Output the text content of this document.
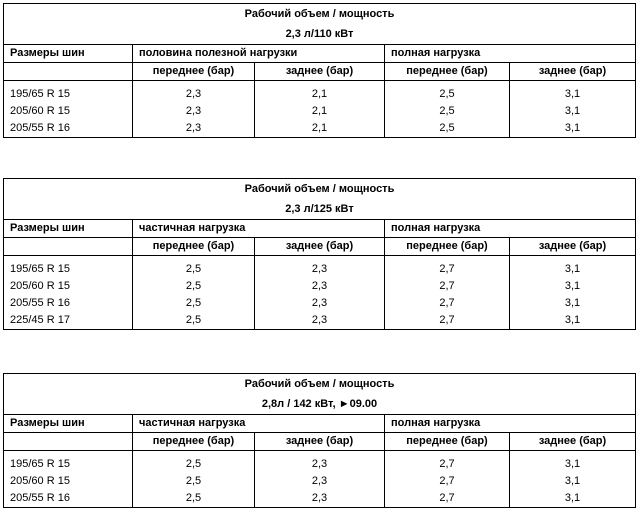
Рабочий объем / мощность				
2,3 л/110 кВт				
Размеры шин	половина полезной нагрузки		полная нагрузка	
	переднее (бар)	заднее (бар)	переднее (бар)	заднее (бар)

195/65 R 15	2,3	2,1	2,5	3,1
205/60 R 15	2,3	2,1	2,5	3,1
205/55 R 16	2,3	2,1	2,5	3,1
Рабочий объем / мощность				
2,3 л/125 кВт				
Размеры шин	частичная нагрузка		полная нагрузка	
	переднее (бар)	заднее (бар)	переднее (бар)	заднее (бар)

195/65 R 15	2,5	2,3	2,7	3,1
205/60 R 15	2,5	2,3	2,7	3,1
205/55 R 16	2,5	2,3	2,7	3,1
225/45 R 17	2,5	2,3	2,7	3,1
Рабочий объем / мощность				
2,8л / 142 кВт, ►09.00				
Размеры шин	частичная нагрузка		полная нагрузка	
	переднее (бар)	заднее (бар)	переднее (бар)	заднее (бар)

195/65 R 15	2,5	2,3	2,7	3,1
205/60 R 15	2,5	2,3	2,7	3,1
205/55 R 16	2,5	2,3	2,7	3,1
